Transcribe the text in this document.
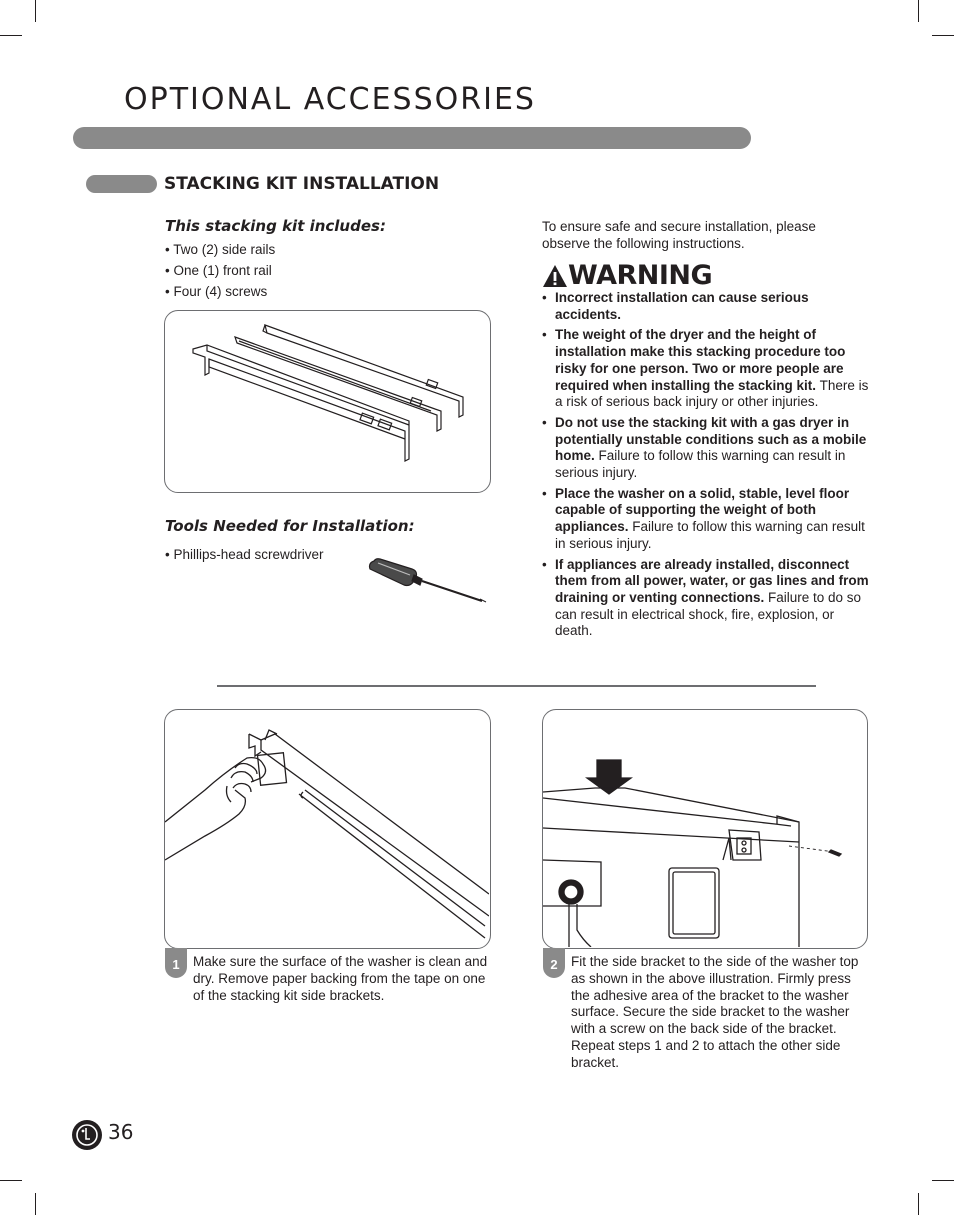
OPTIONAL ACCESSORIES
STACKING KIT INSTALLATION
This stacking kit includes:
• Two (2) side rails
• One (1) front rail
• Four (4) screws
Tools Needed for Installation:
• Phillips-head screwdriver

To ensure safe and secure installation, please observe the following instructions.

WARNING
• Incorrect installation can cause serious accidents.
• The weight of the dryer and the height of installation make this stacking procedure too risky for one person. Two or more people are required when installing the stacking kit. There is a risk of serious back injury or other injuries.
• Do not use the stacking kit with a gas dryer in potentially unstable conditions such as a mobile home. Failure to follow this warning can result in serious injury.
• Place the washer on a solid, stable, level floor capable of supporting the weight of both appliances. Failure to follow this warning can result in serious injury.
• If appliances are already installed, disconnect them from all power, water, or gas lines and from draining or venting connections. Failure to do so can result in electrical shock, fire, explosion, or death.
1 Make sure the surface of the washer is clean and dry. Remove paper backing from the tape on one of the stacking kit side brackets.

2 Fit the side bracket to the side of the washer top as shown in the above illustration. Firmly press the adhesive area of the bracket to the washer surface. Secure the side bracket to the washer with a screw on the back side of the bracket. Repeat steps 1 and 2 to attach the other side bracket.

36
